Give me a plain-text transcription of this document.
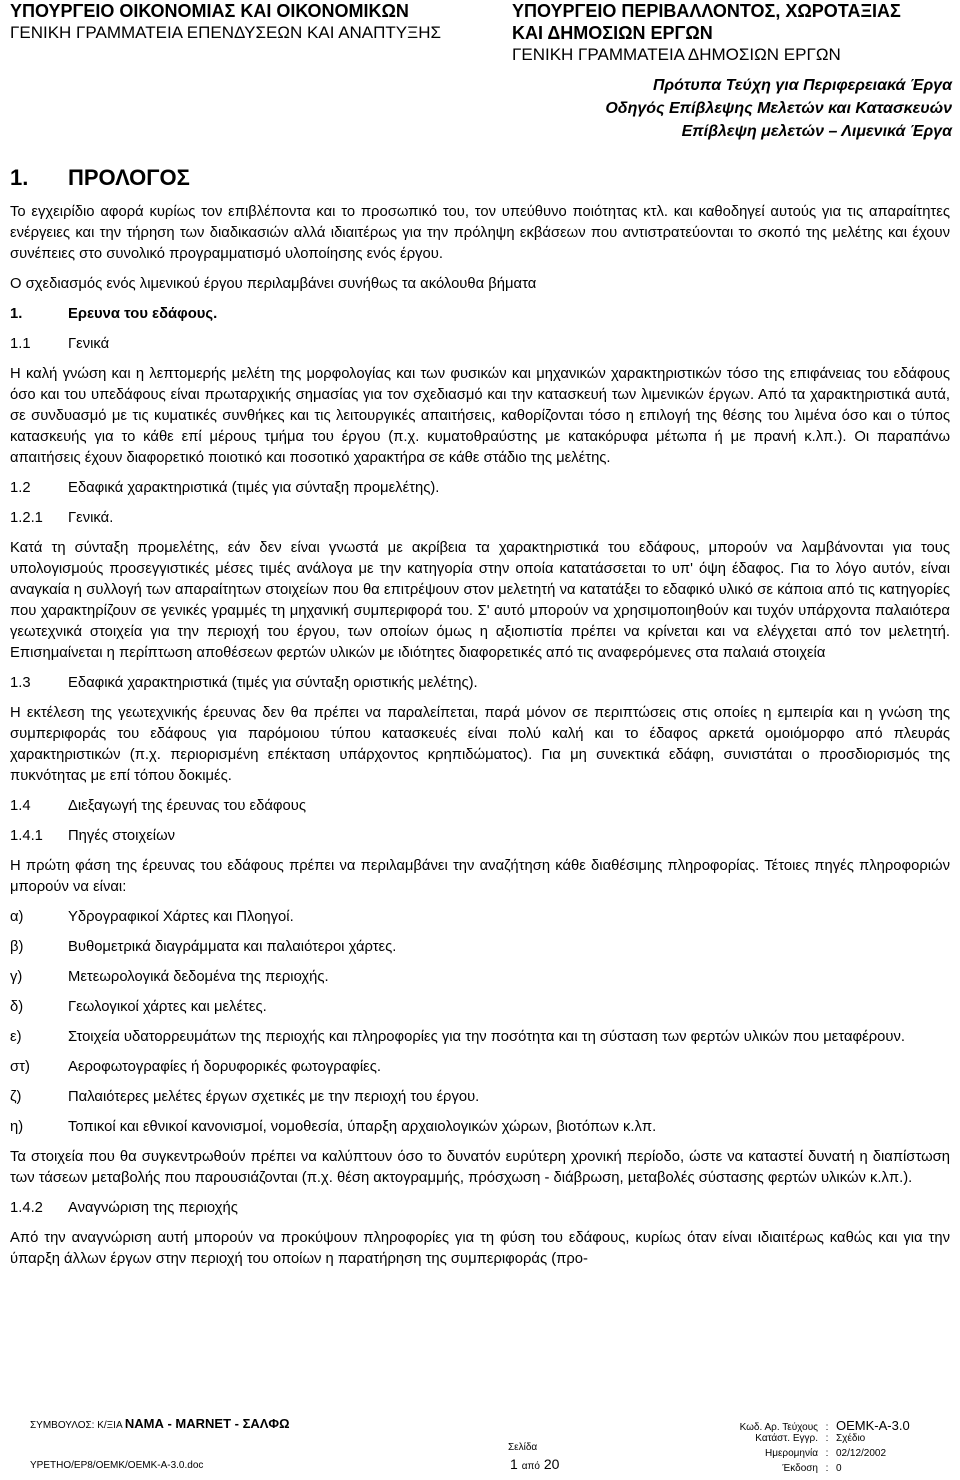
ΥΠΟΥΡΓΕΙΟ ΟΙΚΟΝΟΜΙΑΣ ΚΑΙ ΟΙΚΟΝΟΜΙΚΩΝ
ΓΕΝΙΚΗ ΓΡΑΜΜΑΤΕΙΑ ΕΠΕΝΔΥΣΕΩΝ ΚΑΙ ΑΝΑΠΤΥΞΗΣ
ΥΠΟΥΡΓΕΙΟ ΠΕΡΙΒΑΛΛΟΝΤΟΣ, ΧΩΡΟΤΑΞΙΑΣ
ΚΑΙ ΔΗΜΟΣΙΩΝ ΕΡΓΩΝ
ΓΕΝΙΚΗ ΓΡΑΜΜΑΤΕΙΑ ΔΗΜΟΣΙΩΝ ΕΡΓΩΝ
Πρότυπα Τεύχη για Περιφερειακά Έργα
Οδηγός Επίβλεψης Μελετών και Κατασκευών
Επίβλεψη μελετών – Λιμενικά Έργα
1.	ΠΡΟΛΟΓΟΣ

Το εγχειρίδιο αφορά κυρίως τον επιβλέποντα και το προσωπικό του, τον υπεύθυνο ποιότητας κτλ. και καθοδηγεί αυτούς για τις απαραίτητες ενέργειες και την τήρηση των διαδικασιών αλλά ιδιαιτέρως για την πρόληψη εκβάσεων που αντιστρατεύονται το σκοπό της μελέτης και έχουν συνέπειες στο συνολικό προγραμματισμό υλοποίησης ενός έργου.

Ο σχεδιασμός ενός λιμενικού έργου περιλαμβάνει συνήθως τα ακόλουθα βήματα

1.	Ερευνα του εδάφους.
1.1	Γενικά

Η καλή γνώση και η λεπτομερής μελέτη της μορφολογίας και των φυσικών και μηχανικών χαρακτηριστικών τόσο της επιφάνειας του εδάφους όσο και του υπεδάφους είναι πρωταρχικής σημασίας για τον σχεδιασμό και την κατασκευή των λιμενικών έργων. Από τα χαρακτηριστικά αυτά, σε συνδυασμό με τις κυματικές συνθήκες και τις λειτουργικές απαιτήσεις, καθορίζονται τόσο η επιλογή της θέσης του λιμένα όσο και ο τύπος κατασκευής για το κάθε επί μέρους τμήμα του έργου (π.χ. κυματοθραύστης με κατακόρυφα μέτωπα ή με πρανή κ.λπ.). Οι παραπάνω απαιτήσεις έχουν διαφορετικό ποιοτικό και ποσοτικό χαρακτήρα σε κάθε στάδιο της μελέτης.

1.2	Εδαφικά χαρακτηριστικά (τιμές για σύνταξη προμελέτης).
1.2.1	Γενικά.

Κατά τη σύνταξη προμελέτης, εάν δεν είναι γνωστά με ακρίβεια τα χαρακτηριστικά του εδάφους, μπορούν να λαμβάνονται για τους υπολογισμούς προσεγγιστικές μέσες τιμές ανάλογα με την κατηγορία στην οποία κατατάσσεται το υπ' όψη έδαφος. Για το λόγο αυτόν, είναι αναγκαία η συλλογή των απαραίτητων στοιχείων που θα επιτρέψουν στον μελετητή να κατατάξει το εδαφικό υλικό σε κάποια από τις κατηγορίες που χαρακτηρίζουν σε γενικές γραμμές τη μηχανική συμπεριφορά του. Σ' αυτό μπορούν να χρησιμοποιηθούν και τυχόν υπάρχοντα παλαιότερα γεωτεχνικά στοιχεία για την περιοχή του έργου, των οποίων όμως η αξιοπιστία πρέπει να κρίνεται και να ελέγχεται από τον μελετητή. Επισημαίνεται η περίπτωση αποθέσεων φερτών υλικών με ιδιότητες διαφορετικές από τις αναφερόμενες στα παλαιά στοιχεία

1.3	Εδαφικά χαρακτηριστικά (τιμές για σύνταξη οριστικής μελέτης).

Η εκτέλεση της γεωτεχνικής έρευνας δεν θα πρέπει να παραλείπεται, παρά μόνον σε περιπτώσεις στις οποίες η εμπειρία και η γνώση της συμπεριφοράς του εδάφους για παρόμοιου τύπου κατασκευές είναι πολύ καλή και το έδαφος αρκετά ομοιόμορφο από πλευράς χαρακτηριστικών (π.χ. περιορισμένη επέκταση υπάρχοντος κρηπιδώματος). Για μη συνεκτικά εδάφη, συνιστάται ο προσδιορισμός της πυκνότητας με επί τόπου δοκιμές.

1.4	Διεξαγωγή της έρευνας του εδάφους
1.4.1	Πηγές στοιχείων

Η πρώτη φάση της έρευνας του εδάφους πρέπει να περιλαμβάνει την αναζήτηση κάθε διαθέσιμης πληροφορίας. Τέτοιες πηγές πληροφοριών μπορούν να είναι:

α)	Υδρογραφικοί Χάρτες και Πλοηγοί.
β)	Βυθομετρικά διαγράμματα και παλαιότεροι χάρτες.
γ)	Μετεωρολογικά δεδομένα της περιοχής.
δ)	Γεωλογικοί χάρτες και μελέτες.
ε)	Στοιχεία υδατορρευμάτων της περιοχής και πληροφορίες για την ποσότητα και τη σύσταση των φερτών υλικών που μεταφέρουν.
στ)	Αεροφωτογραφίες ή δορυφορικές φωτογραφίες.
ζ)	Παλαιότερες μελέτες έργων σχετικές με την περιοχή του έργου.
η)	Τοπικοί και εθνικοί κανονισμοί, νομοθεσία, ύπαρξη αρχαιολογικών χώρων, βιοτόπων κ.λπ.

Τα στοιχεία που θα συγκεντρωθούν πρέπει να καλύπτουν όσο το δυνατόν ευρύτερη χρονική περίοδο, ώστε να καταστεί δυνατή η διαπίστωση των τάσεων μεταβολής που παρουσιάζονται (π.χ. θέση ακτογραμμής, πρόσχωση - διάβρωση, μεταβολές σύστασης φερτών υλικών κ.λπ.).

1.4.2	Αναγνώριση της περιοχής

Από την αναγνώριση αυτή μπορούν να προκύψουν πληροφορίες για τη φύση του εδάφους, κυρίως όταν είναι ιδιαιτέρως καθώς και για την ύπαρξη άλλων έργων στην περιοχή του οποίων η παρατήρηση της συμπεριφοράς (προ-

ΣΥΜΒΟΥΛΟΣ: Κ/ΞΙΑ ΝΑΜΑ - MARNET - ΣΑΛΦΩ
ΥΡΕΤΗΟ/ΕΡ8/ΟΕΜΚ/ΟΕΜΚ-Α-3.0.doc
Σελίδα
1 από 20
Κωδ. Αρ. Τεύχους : ΟΕΜΚ-Α-3.0
Κατάστ. Εγγρ. : Σχέδιο
Ημερομηνία : 02/12/2002
Έκδοση : 0
